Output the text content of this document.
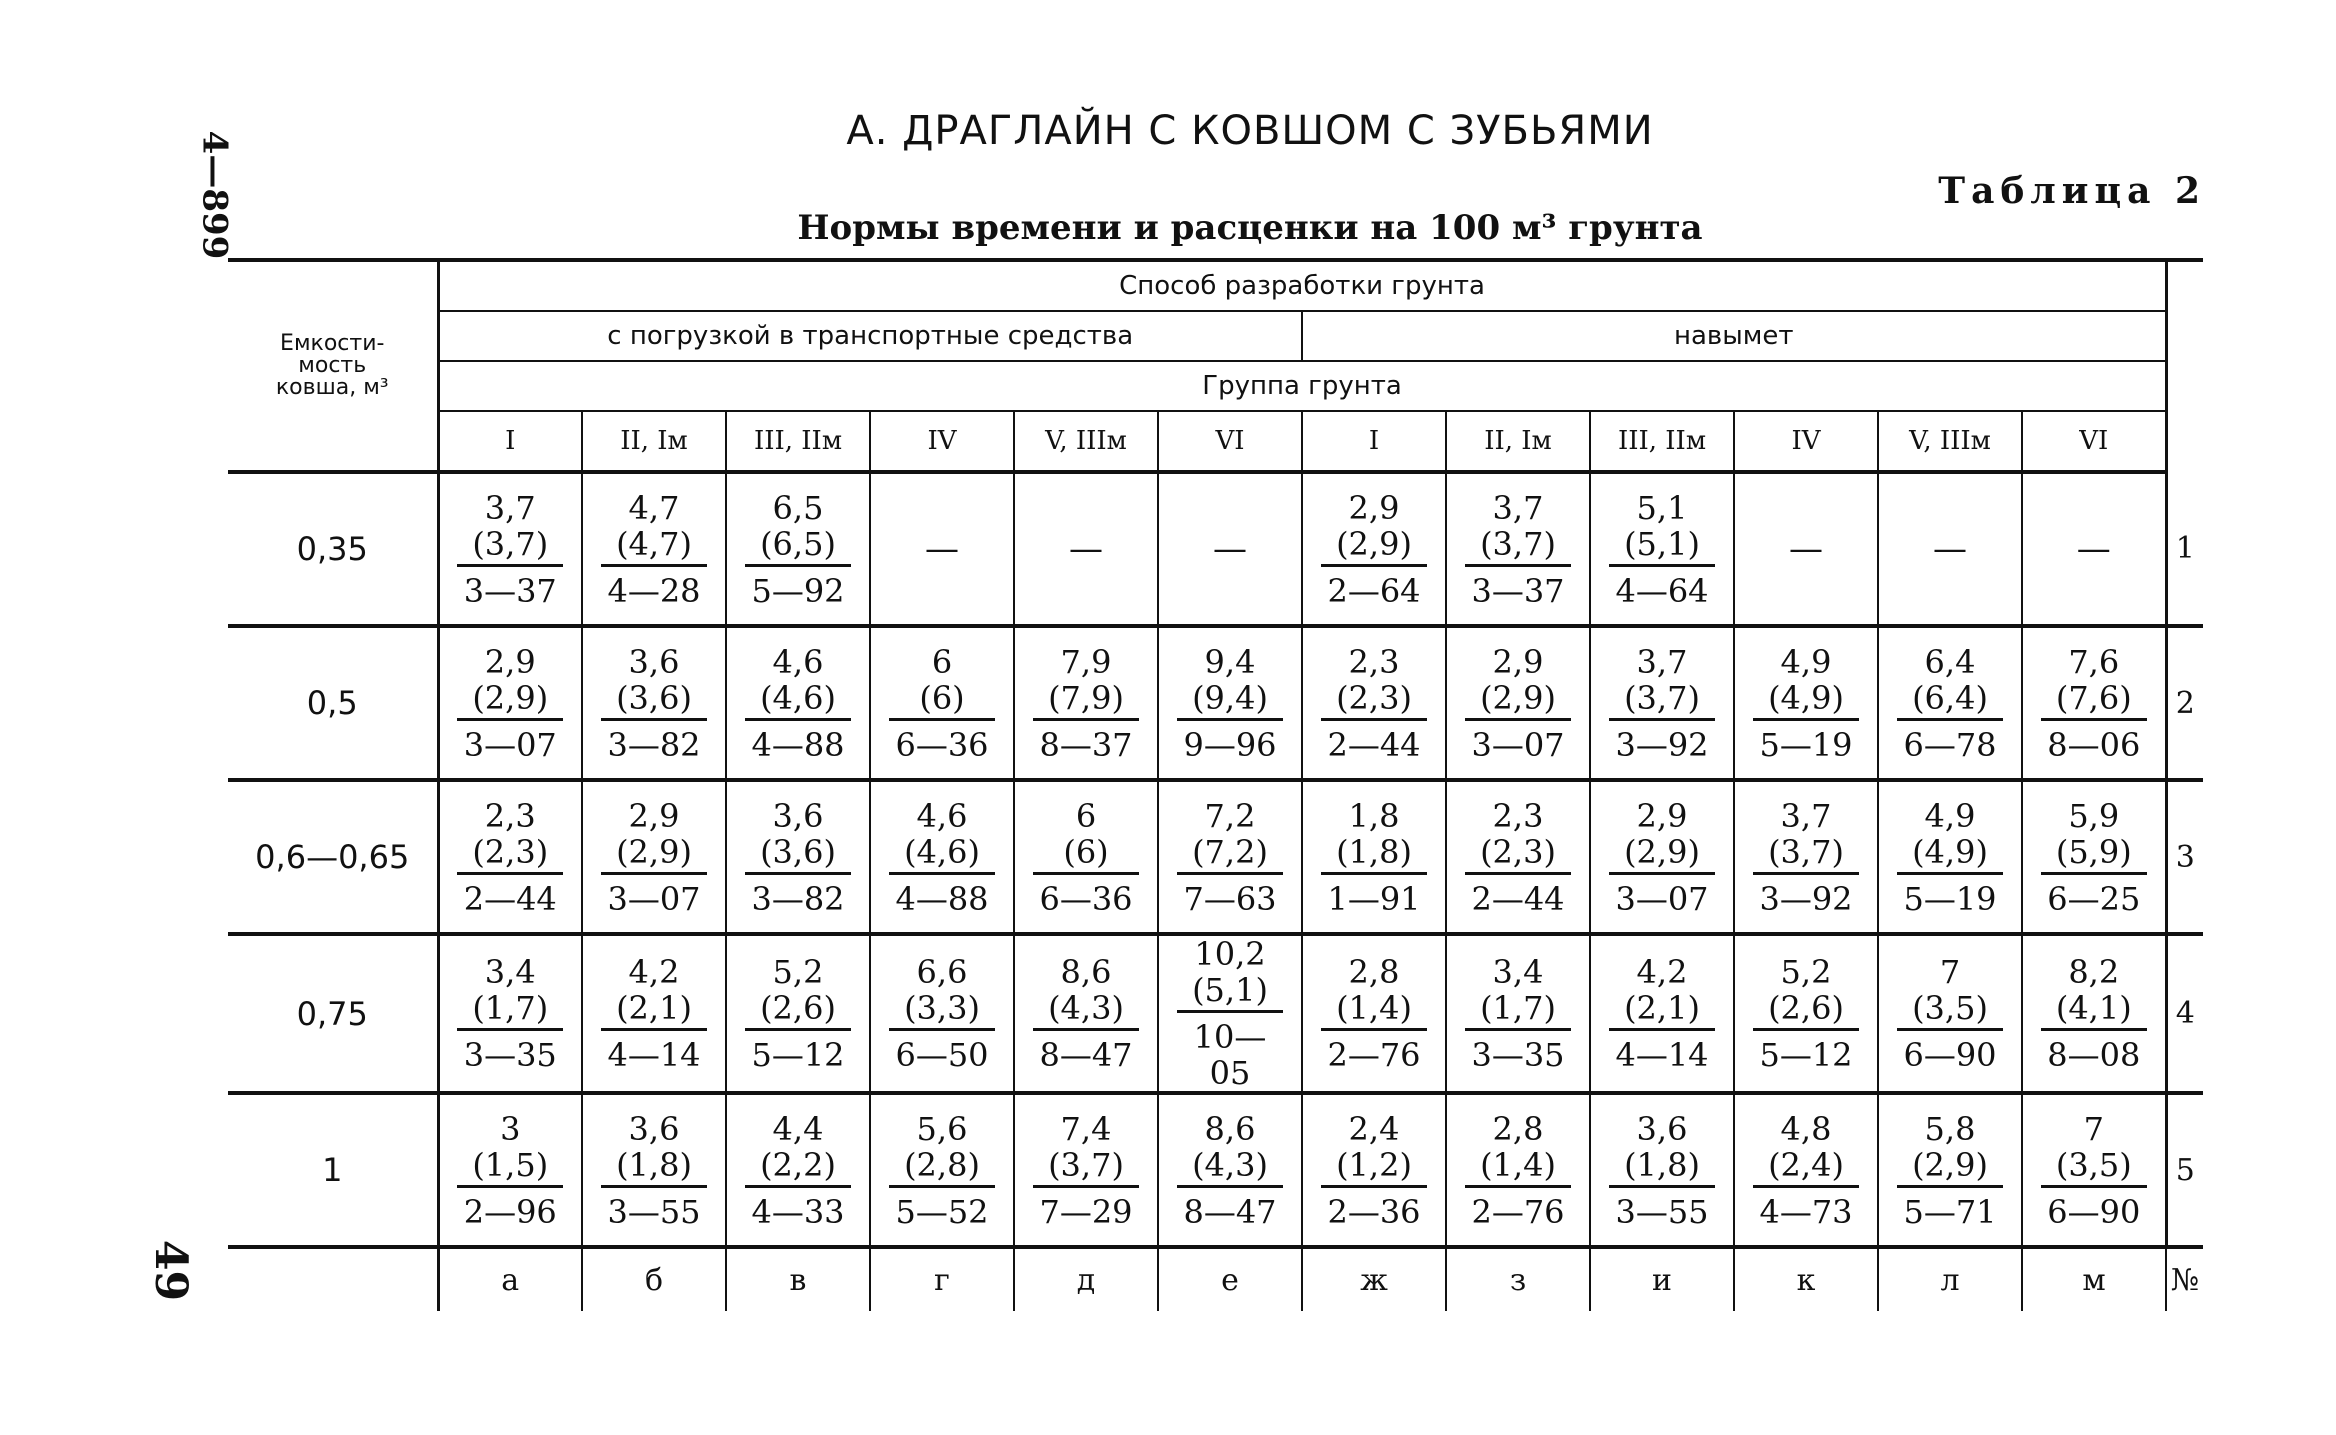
4—899
49
А. ДРАГЛАЙН С КОВШОМ С ЗУБЬЯМИ
Таблица 2
Нормы времени и расценки на 100 м³ грунта
Емкости-
мость
ковша, м³	Способ разработки грунта												
	с погрузкой в транспортные средства						навымет						
	Группа грунта												
	I	II, Iм	III, IIм	IV	V, IIIм	VI	I	II, Iм	III, IIм	IV	V, IIIм	VI	
0,35	3,7
(3,7)
3—37	4,7
(4,7)
4—28	6,5
(6,5)
5—92	—	—	—	2,9
(2,9)
2—64	3,7
(3,7)
3—37	5,1
(5,1)
4—64	—	—	—	1
0,5	2,9
(2,9)
3—07	3,6
(3,6)
3—82	4,6
(4,6)
4—88	6
(6)
6—36	7,9
(7,9)
8—37	9,4
(9,4)
9—96	2,3
(2,3)
2—44	2,9
(2,9)
3—07	3,7
(3,7)
3—92	4,9
(4,9)
5—19	6,4
(6,4)
6—78	7,6
(7,6)
8—06	2
0,6—0,65	2,3
(2,3)
2—44	2,9
(2,9)
3—07	3,6
(3,6)
3—82	4,6
(4,6)
4—88	6
(6)
6—36	7,2
(7,2)
7—63	1,8
(1,8)
1—91	2,3
(2,3)
2—44	2,9
(2,9)
3—07	3,7
(3,7)
3—92	4,9
(4,9)
5—19	5,9
(5,9)
6—25	3
0,75	3,4
(1,7)
3—35	4,2
(2,1)
4—14	5,2
(2,6)
5—12	6,6
(3,3)
6—50	8,6
(4,3)
8—47	10,2
(5,1)
10—05	2,8
(1,4)
2—76	3,4
(1,7)
3—35	4,2
(2,1)
4—14	5,2
(2,6)
5—12	7
(3,5)
6—90	8,2
(4,1)
8—08	4
1	3
(1,5)
2—96	3,6
(1,8)
3—55	4,4
(2,2)
4—33	5,6
(2,8)
5—52	7,4
(3,7)
7—29	8,6
(4,3)
8—47	2,4
(1,2)
2—36	2,8
(1,4)
2—76	3,6
(1,8)
3—55	4,8
(2,4)
4—73	5,8
(2,9)
5—71	7
(3,5)
6—90	5
	а	б	в	г	д	е	ж	з	и	к	л	м	№
